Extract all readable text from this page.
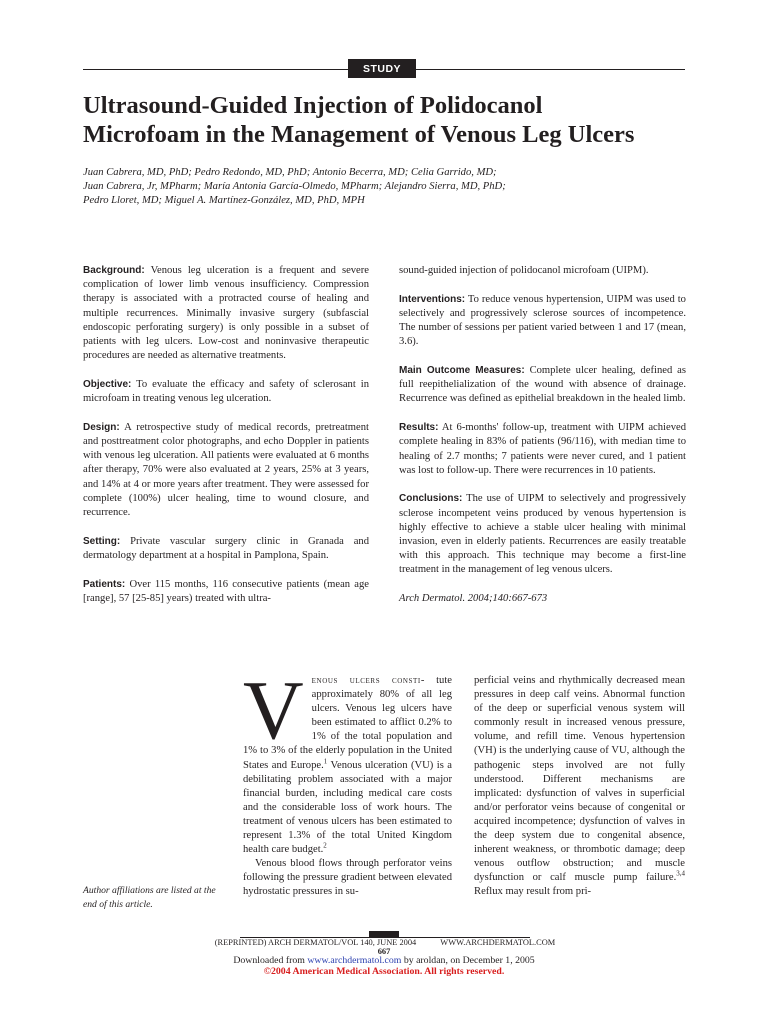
STUDY
Ultrasound-Guided Injection of Polidocanol
Microfoam in the Management of Venous Leg Ulcers
Juan Cabrera, MD, PhD; Pedro Redondo, MD, PhD; Antonio Becerra, MD; Celia Garrido, MD;
Juan Cabrera, Jr, MPharm; María Antonia García-Olmedo, MPharm; Alejandro Sierra, MD, PhD;
Pedro Lloret, MD; Miguel A. Martínez-González, MD, PhD, MPH

Background: Venous leg ulceration is a frequent and severe complication of lower limb venous insufficiency. Compression therapy is associated with a protracted course of healing and multiple recurrences. Minimally invasive surgery (subfascial endoscopic perforating surgery) is only possible in a subset of patients with leg ulcers. Low-cost and noninvasive therapeutic procedures are needed as alternative treatments.

Objective: To evaluate the efficacy and safety of sclerosant in microfoam in treating venous leg ulceration.

Design: A retrospective study of medical records, pretreatment and posttreatment color photographs, and echo Doppler in patients with venous leg ulceration. All patients were evaluated at 6 months after therapy, 70% were also evaluated at 2 years, 25% at 3 years, and 14% at 4 or more years after treatment. They were assessed for complete (100%) ulcer healing, time to wound closure, and recurrence.

Setting: Private vascular surgery clinic in Granada and dermatology department at a hospital in Pamplona, Spain.

Patients: Over 115 months, 116 consecutive patients (mean age [range], 57 [25-85] years) treated with ultra-

sound-guided injection of polidocanol microfoam (UIPM).

Interventions: To reduce venous hypertension, UIPM was used to selectively and progressively sclerose sources of incompetence. The number of sessions per patient varied between 1 and 17 (mean, 3.6).

Main Outcome Measures: Complete ulcer healing, defined as full reepithelialization of the wound with absence of drainage. Recurrence was defined as epithelial breakdown in the healed limb.

Results: At 6-months' follow-up, treatment with UIPM achieved complete healing in 83% of patients (96/116), with median time to healing of 2.7 months; 7 patients were never cured, and 1 patient was lost to follow-up. There were recurrences in 10 patients.

Conclusions: The use of UIPM to selectively and progressively sclerose incompetent veins produced by venous hypertension is highly effective to achieve a stable ulcer healing with minimal invasion, even in elderly patients. Recurrences are easily treatable with this approach. This technique may become a first-line treatment in the management of leg venous ulcers.

Arch Dermatol. 2004;140:667-673

Author affiliations are listed at the end of this article.

Venous ulcers consti- tute approximately 80% of all leg ulcers. Venous leg ulcers have been estimated to afflict 0.2% to 1% of the total population and 1% to 3% of the elderly population in the United States and Europe.$^1$ Venous ulceration (VU) is a debilitating problem associated with a major financial burden, including medical care costs and the considerable loss of work hours. The treatment of venous ulcers has been estimated to represent 1.3% of the total United Kingdom health care budget.$^2$

Venous blood flows through perforator veins following the pressure gradient between elevated hydrostatic pressures in su-

perficial veins and rhythmically decreased mean pressures in deep calf veins. Abnormal function of the deep or superficial venous system will commonly result in increased venous pressure, volume, and refill time. Venous hypertension (VH) is the underlying cause of VU, although the pathogenic steps involved are not fully understood. Different mechanisms are implicated: dysfunction of valves in superficial and/or perforator veins because of congenital or acquired incompetence; dysfunction of valves in the deep system due to congenital absence, inherent weakness, or thrombotic damage; deep venous outflow obstruction; and muscle dysfunction or calf muscle pump failure.$^{3,4}$ Reflux may result from pri-

(REPRINTED) ARCH DERMATOL/VOL 140, JUNE 2004	WWW.ARCHDERMATOL.COM
667
Downloaded from www.archdermatol.com by aroldan, on December 1, 2005
©2004 American Medical Association. All rights reserved.
